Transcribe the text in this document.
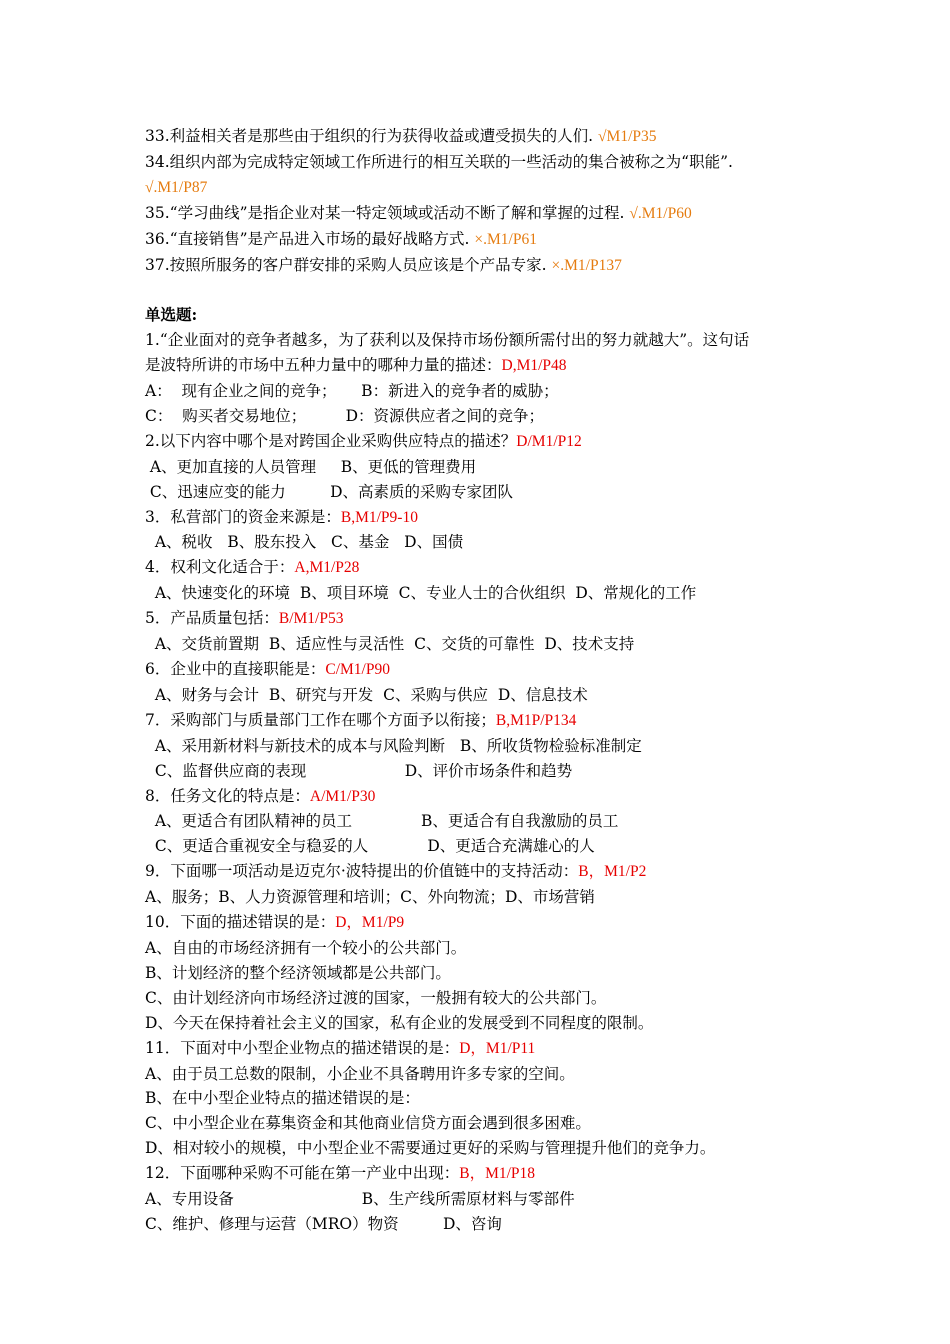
33.利益相关者是那些由于组织的行为获得收益或遭受损失的人们. √M1/P35
34.组织内部为完成特定领域工作所进行的相互关联的一些活动的集合被称之为“职能”.
√.M1/P87
35.“学习曲线”是指企业对某一特定领域或活动不断了解和掌握的过程. √.M1/P60
36.“直接销售”是产品进入市场的最好战略方式. ×.M1/P61
37.按照所服务的客户群安排的采购人员应该是个产品专家. ×.M1/P137
单选题:
1.“企业面对的竞争者越多，为了获利以及保持市场份额所需付出的努力就越大”。这句话
是波特所讲的市场中五种力量中的哪种力量的描述：D,M1/P48
A：  现有企业之间的竞争；     B：新进入的竞争者的威胁；
C：  购买者交易地位；        D：资源供应者之间的竞争；
2.以下内容中哪个是对跨国企业采购供应特点的描述？D/M1/P12
A、更加直接的人员管理     B、更低的管理费用
C、迅速应变的能力         D、高素质的采购专家团队
3．私营部门的资金来源是：B,M1/P9-10
A、税收   B、股东投入   C、基金   D、国债
4．权利文化适合于：A,M1/P28
A、快速变化的环境  B、项目环境  C、专业人士的合伙组织  D、常规化的工作
5．产品质量包括：B/M1/P53
A、交货前置期  B、适应性与灵活性  C、交货的可靠性  D、技术支持
6．企业中的直接职能是：C/M1/P90
A、财务与会计  B、研究与开发  C、采购与供应  D、信息技术
7．采购部门与质量部门工作在哪个方面予以衔接；B,M1P/P134
A、采用新材料与新技术的成本与风险判断   B、所收货物检验标准制定
C、监督供应商的表现                    D、评价市场条件和趋势
8．任务文化的特点是：A/M1/P30
A、更适合有团队精神的员工              B、更适合有自我激励的员工
C、更适合重视安全与稳妥的人            D、更适合充满雄心的人
9．下面哪一项活动是迈克尔·波特提出的价值链中的支持活动：B，M1/P2
A、服务；B、人力资源管理和培训；C、外向物流；D、市场营销
10．下面的描述错误的是：D，M1/P9
A、自由的市场经济拥有一个较小的公共部门。
B、计划经济的整个经济领域都是公共部门。
C、由计划经济向市场经济过渡的国家，一般拥有较大的公共部门。
D、今天在保持着社会主义的国家，私有企业的发展受到不同程度的限制。
11．下面对中小型企业物点的描述错误的是：D，M1/P11
A、由于员工总数的限制，小企业不具备聘用许多专家的空间。
B、在中小型企业特点的描述错误的是：
C、中小型企业在募集资金和其他商业信贷方面会遇到很多困难。
D、相对较小的规模，中小型企业不需要通过更好的采购与管理提升他们的竞争力。
12．下面哪种采购不可能在第一产业中出现：B，M1/P18
A、专用设备                          B、生产线所需原材料与零部件
C、维护、修理与运营（MRO）物资         D、咨询
